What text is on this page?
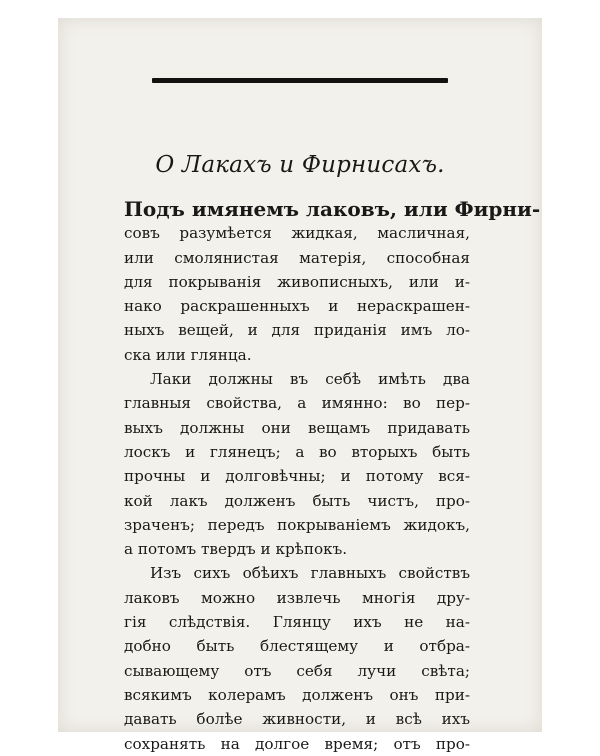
О Лакахъ и Фирнисахъ.
Подъ имянемъ лаковъ, или Фирни-
совъ разумѣется жидкая, масличная,
или смолянистая матерія, способная
для покрыванія живописныхъ, или и-
нако раскрашенныхъ и нераскрашен-
ныхъ вещей, и для приданія имъ ло-
ска или глянца.
Лаки должны въ себѣ имѣть два
главныя свойства, а имянно: во пер-
выхъ должны они вещамъ придавать
лоскъ и глянецъ; а во вторыхъ быть
прочны и долговѣчны; и потому вся-
кой лакъ долженъ быть чистъ, про-
зраченъ; передъ покрыванiемъ жидокъ,
а потомъ твердъ и крѣпокъ.
Изъ сихъ обѣихъ главныхъ свойствъ
лаковъ можно извлечь многія дру-
гія слѣдствія. Глянцу ихъ не на-
добно быть блестящему и отбра-
сывающему отъ себя лучи свѣта;
всякимъ колерамъ долженъ онъ при-
давать болѣе живности, и всѣ ихъ
сохранять на долгое время; отъ про-
